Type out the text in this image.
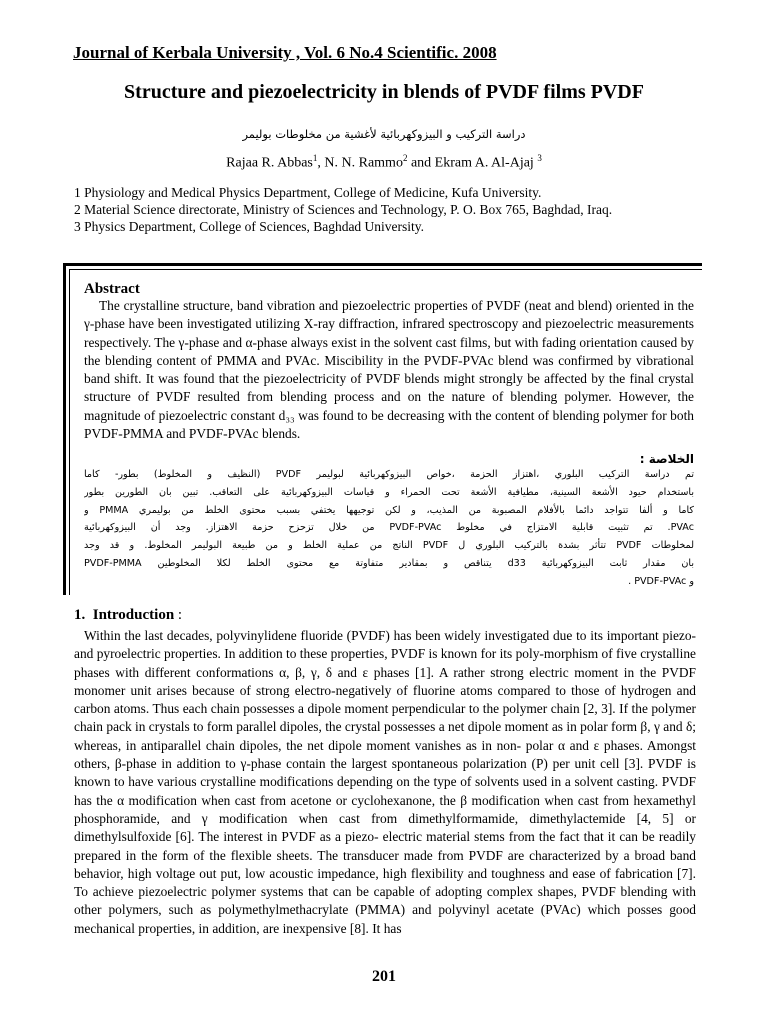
Journal of Kerbala University , Vol. 6 No.4 Scientific. 2008
Structure and piezoelectricity in blends of PVDF films PVDF
دراسة التركيب و البيزوكهربائية لأغشية من مخلوطات بوليمر
Rajaa R. Abbas$^1$, N. N. Rammo$^2$ and Ekram A. Al-Ajaj $^3$
1 Physiology and Medical Physics Department, College of Medicine, Kufa University.
2 Material Science directorate, Ministry of Sciences and Technology, P. O. Box 765, Baghdad, Iraq.
3 Physics Department, College of Sciences, Baghdad University.
Abstract

The crystalline structure, band vibration and piezoelectric properties of PVDF (neat and blend) oriented in the γ-phase have been investigated utilizing X-ray diffraction, infrared spectroscopy and piezoelectric measurements respectively. The γ-phase and α-phase always exist in the solvent cast films, but with fading orientation caused by the blending content of PMMA and PVAc. Miscibility in the PVDF-PVAc blend was confirmed by vibrational band shift. It was found that the piezoelectricity of PVDF blends might strongly be affected by the final crystal structure of PVDF resulted from blending process and on the nature of blending polymer. However, the magnitude of piezoelectric constant d₃₃ was found to be decreasing with the content of blending polymer for both PVDF-PMMA and PVDF-PVAc blends.

الخلاصة :
تم دراسة التركيب البلوري ،اهتزاز الحزمة ،خواص البيزوكهربائية لبوليمر PVDF (النظيف و المخلوط) بطور- كاما
باستخدام حيود الأشعة السينية، مطيافية الأشعة تحت الحمراء و قياسات البيزوكهربائية على التعاقب. تبين بان الطورين بطور
كاما و ألفا تتواجد دائما بالأفلام المصبوبة من المذيب، و لكن توجيهها يختفي بسبب محتوى الخلط من بوليمري PMMA و
PVAc. تم تثبيت قابلية الامتزاج في مخلوط PVDF-PVAc من خلال تزحزح حزمة الاهتزاز. وجد أن البيزوكهربائية
لمخلوطات PVDF تتأثر بشدة بالتركيب البلوري ل PVDF الناتج من عملية الخلط و من طبيعة البوليمر المخلوط. و قد وجد
بان مقدار ثابت البيزوكهربائية d33 يتناقص و بمقادير متفاوتة مع محتوى الخلط لكلا المخلوطين PVDF-PMMA
و PVDF-PVAc .
1. Introduction :

Within the last decades, polyvinylidene fluoride (PVDF) has been widely investigated due to its important piezo- and pyroelectric properties. In addition to these properties, PVDF is known for its poly-morphism of five crystalline phases with different conformations α, β, γ, δ and ε phases [1]. A rather strong electric moment in the PVDF monomer unit arises because of strong electro-negatively of fluorine atoms compared to those of hydrogen and carbon atoms. Thus each chain possesses a dipole moment perpendicular to the polymer chain [2, 3]. If the polymer chain pack in crystals to form parallel dipoles, the crystal possesses a net dipole moment as in polar form β, γ and δ; whereas, in antiparallel chain dipoles, the net dipole moment vanishes as in non- polar α and ε phases. Amongst others, β-phase in addition to γ-phase contain the largest spontaneous polarization (P) per unit cell [3]. PVDF is known to have various crystalline modifications depending on the type of solvents used in a solvent casting. PVDF has the α modification when cast from acetone or cyclohexanone, the β modification when cast from hexamethyl phosphoramide, and γ modification when cast from dimethylformamide, dimethylactemide [4, 5] or dimethylsulfoxide [6]. The interest in PVDF as a piezo- electric material stems from the fact that it can be readily prepared in the form of the flexible sheets. The transducer made from PVDF are characterized by a broad band behavior, high voltage out put, low acoustic impedance, high flexibility and toughness and ease of fabrication [7]. To achieve piezoelectric polymer systems that can be capable of adopting complex shapes, PVDF blending with other polymers, such as polymethylmethacrylate (PMMA) and polyvinyl acetate (PVAc) which posses good mechanical properties, in addition, are inexpensive [8]. It has

201
